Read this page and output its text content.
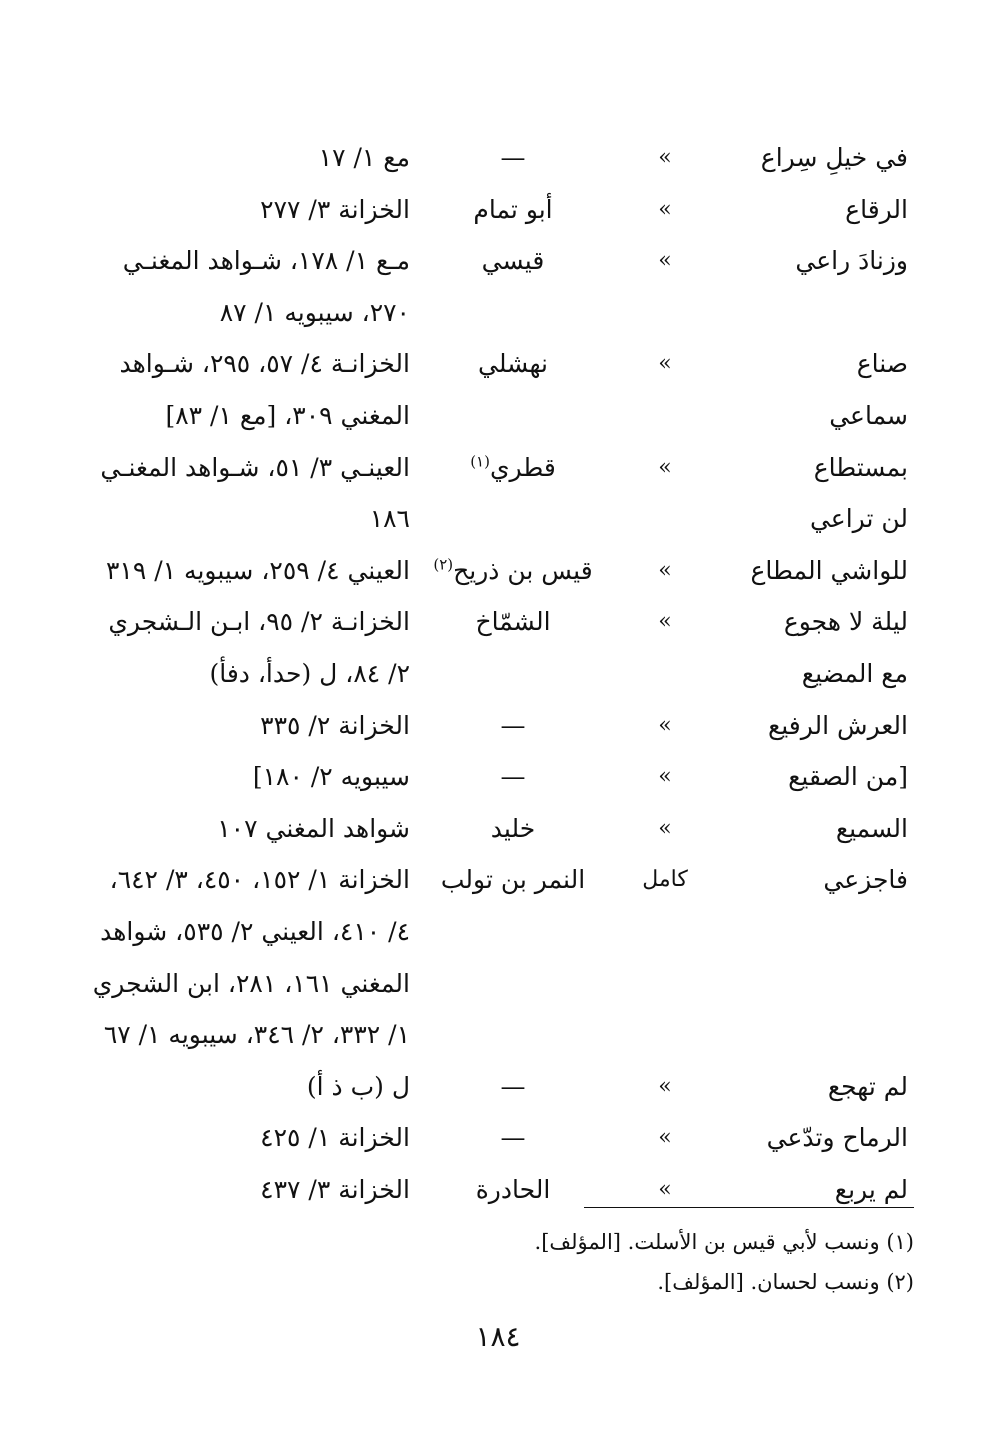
في خيلِ سِراع
»
—
مع ١/ ١٧
الرقاع
»
أبو تمام
الخزانة ٣/ ٢٧٧
وزنادَ راعي
»
قيسي
مـع ١/ ١٧٨، شـواهد المغنـي
٢٧٠، سيبويه ١/ ٨٧
صناع
»
نهشلي
الخزانـة ٤/ ٥٧، ٢٩٥، شـواهد
سماعي
المغني ٣٠٩، [مع ١/ ٨٣]
بمستطاع
»
قطري$^{(١)}$
العينـي ٣/ ٥١، شـواهد المغنـي
لن تراعي
١٨٦
للواشي المطاع
»
قيس بن ذريح$^{(٢)}$
العيني ٤/ ٢٥٩، سيبويه ١/ ٣١٩
ليلة لا هجوع
»
الشمّاخ
الخزانـة ٢/ ٩٥، ابـن الـشجري
مع المضيع
٢/ ٨٤، ل (حدأ، دفأ)
العرش الرفيع
»
—
الخزانة ٢/ ٣٣٥
[من الصقيع
»
—
سيبويه ٢/ ١٨٠]
السميع
»
خليد
شواهد المغني ١٠٧
فاجزعي
كامل
النمر بن تولب
الخزانة ١/ ١٥٢، ٤٥٠، ٣/ ٦٤٢،
٤/ ٤١٠، العيني ٢/ ٥٣٥، شواهد
المغني ١٦١، ٢٨١، ابن الشجري
١/ ٣٣٢، ٢/ ٣٤٦، سيبويه ١/ ٦٧
لم تهجع
»
—
ل (ب ذ أ)
الرماح وتدّعي
»
—
الخزانة ١/ ٤٢٥
لم يربع
»
الحادرة
الخزانة ٣/ ٤٣٧
(١) ونسب لأبي قيس بن الأسلت. [المؤلف].
(٢) ونسب لحسان. [المؤلف].
١٨٤
